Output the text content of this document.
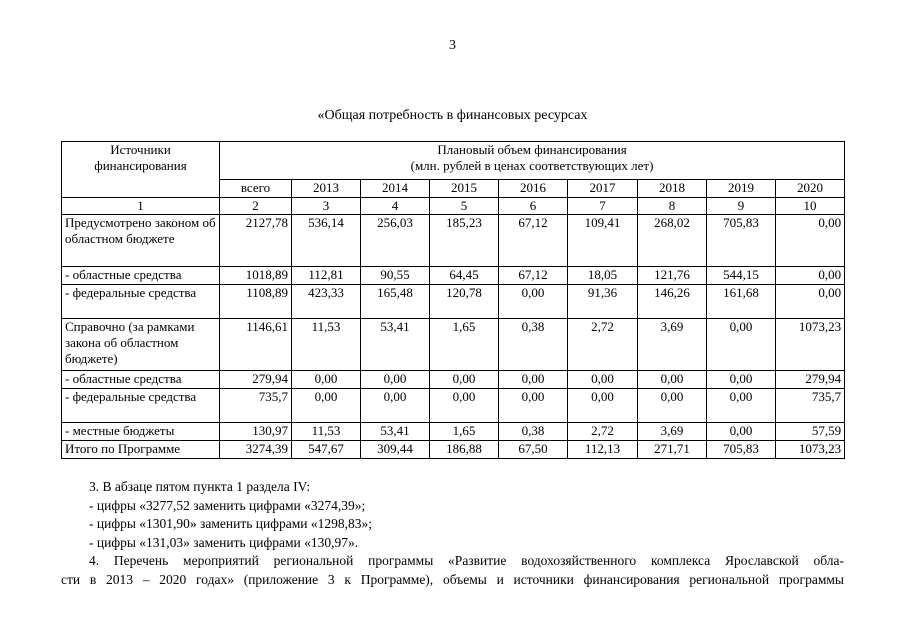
3
«Общая потребность в финансовых ресурсах
Источники финансирования	Плановый объем финансирования
(млн. рублей в ценах соответствующих лет)								

	всего	2013	2014	2015	2016	2017	2018	2019	2020
1	2	3	4	5	6	7	8	9	10
Предусмотрено законом об областном бюджете	2127,78	536,14	256,03	185,23	67,12	109,41	268,02	705,83	0,00
- областные средства	1018,89	112,81	90,55	64,45	67,12	18,05	121,76	544,15	0,00
- федеральные средства	1108,89	423,33	165,48	120,78	0,00	91,36	146,26	161,68	0,00
Справочно (за рамками закона об областном бюджете)	1146,61	11,53	53,41	1,65	0,38	2,72	3,69	0,00	1073,23
- областные средства	279,94	0,00	0,00	0,00	0,00	0,00	0,00	0,00	279,94
- федеральные средства	735,7	0,00	0,00	0,00	0,00	0,00	0,00	0,00	735,7
- местные бюджеты	130,97	11,53	53,41	1,65	0,38	2,72	3,69	0,00	57,59
Итого по Программе	3274,39	547,67	309,44	186,88	67,50	112,13	271,71	705,83	1073,23

3. В абзаце пятом пункта 1 раздела IV:

- цифры «3277,52 заменить цифрами «3274,39»;

- цифры «1301,90» заменить цифрами «1298,83»;

- цифры «131,03» заменить цифрами «130,97».

4. Перечень мероприятий региональной программы «Развитие водохозяйственного комплекса Ярославской обла-

сти в 2013 – 2020 годах» (приложение 3 к Программе), объемы и источники финансирования региональной программы
